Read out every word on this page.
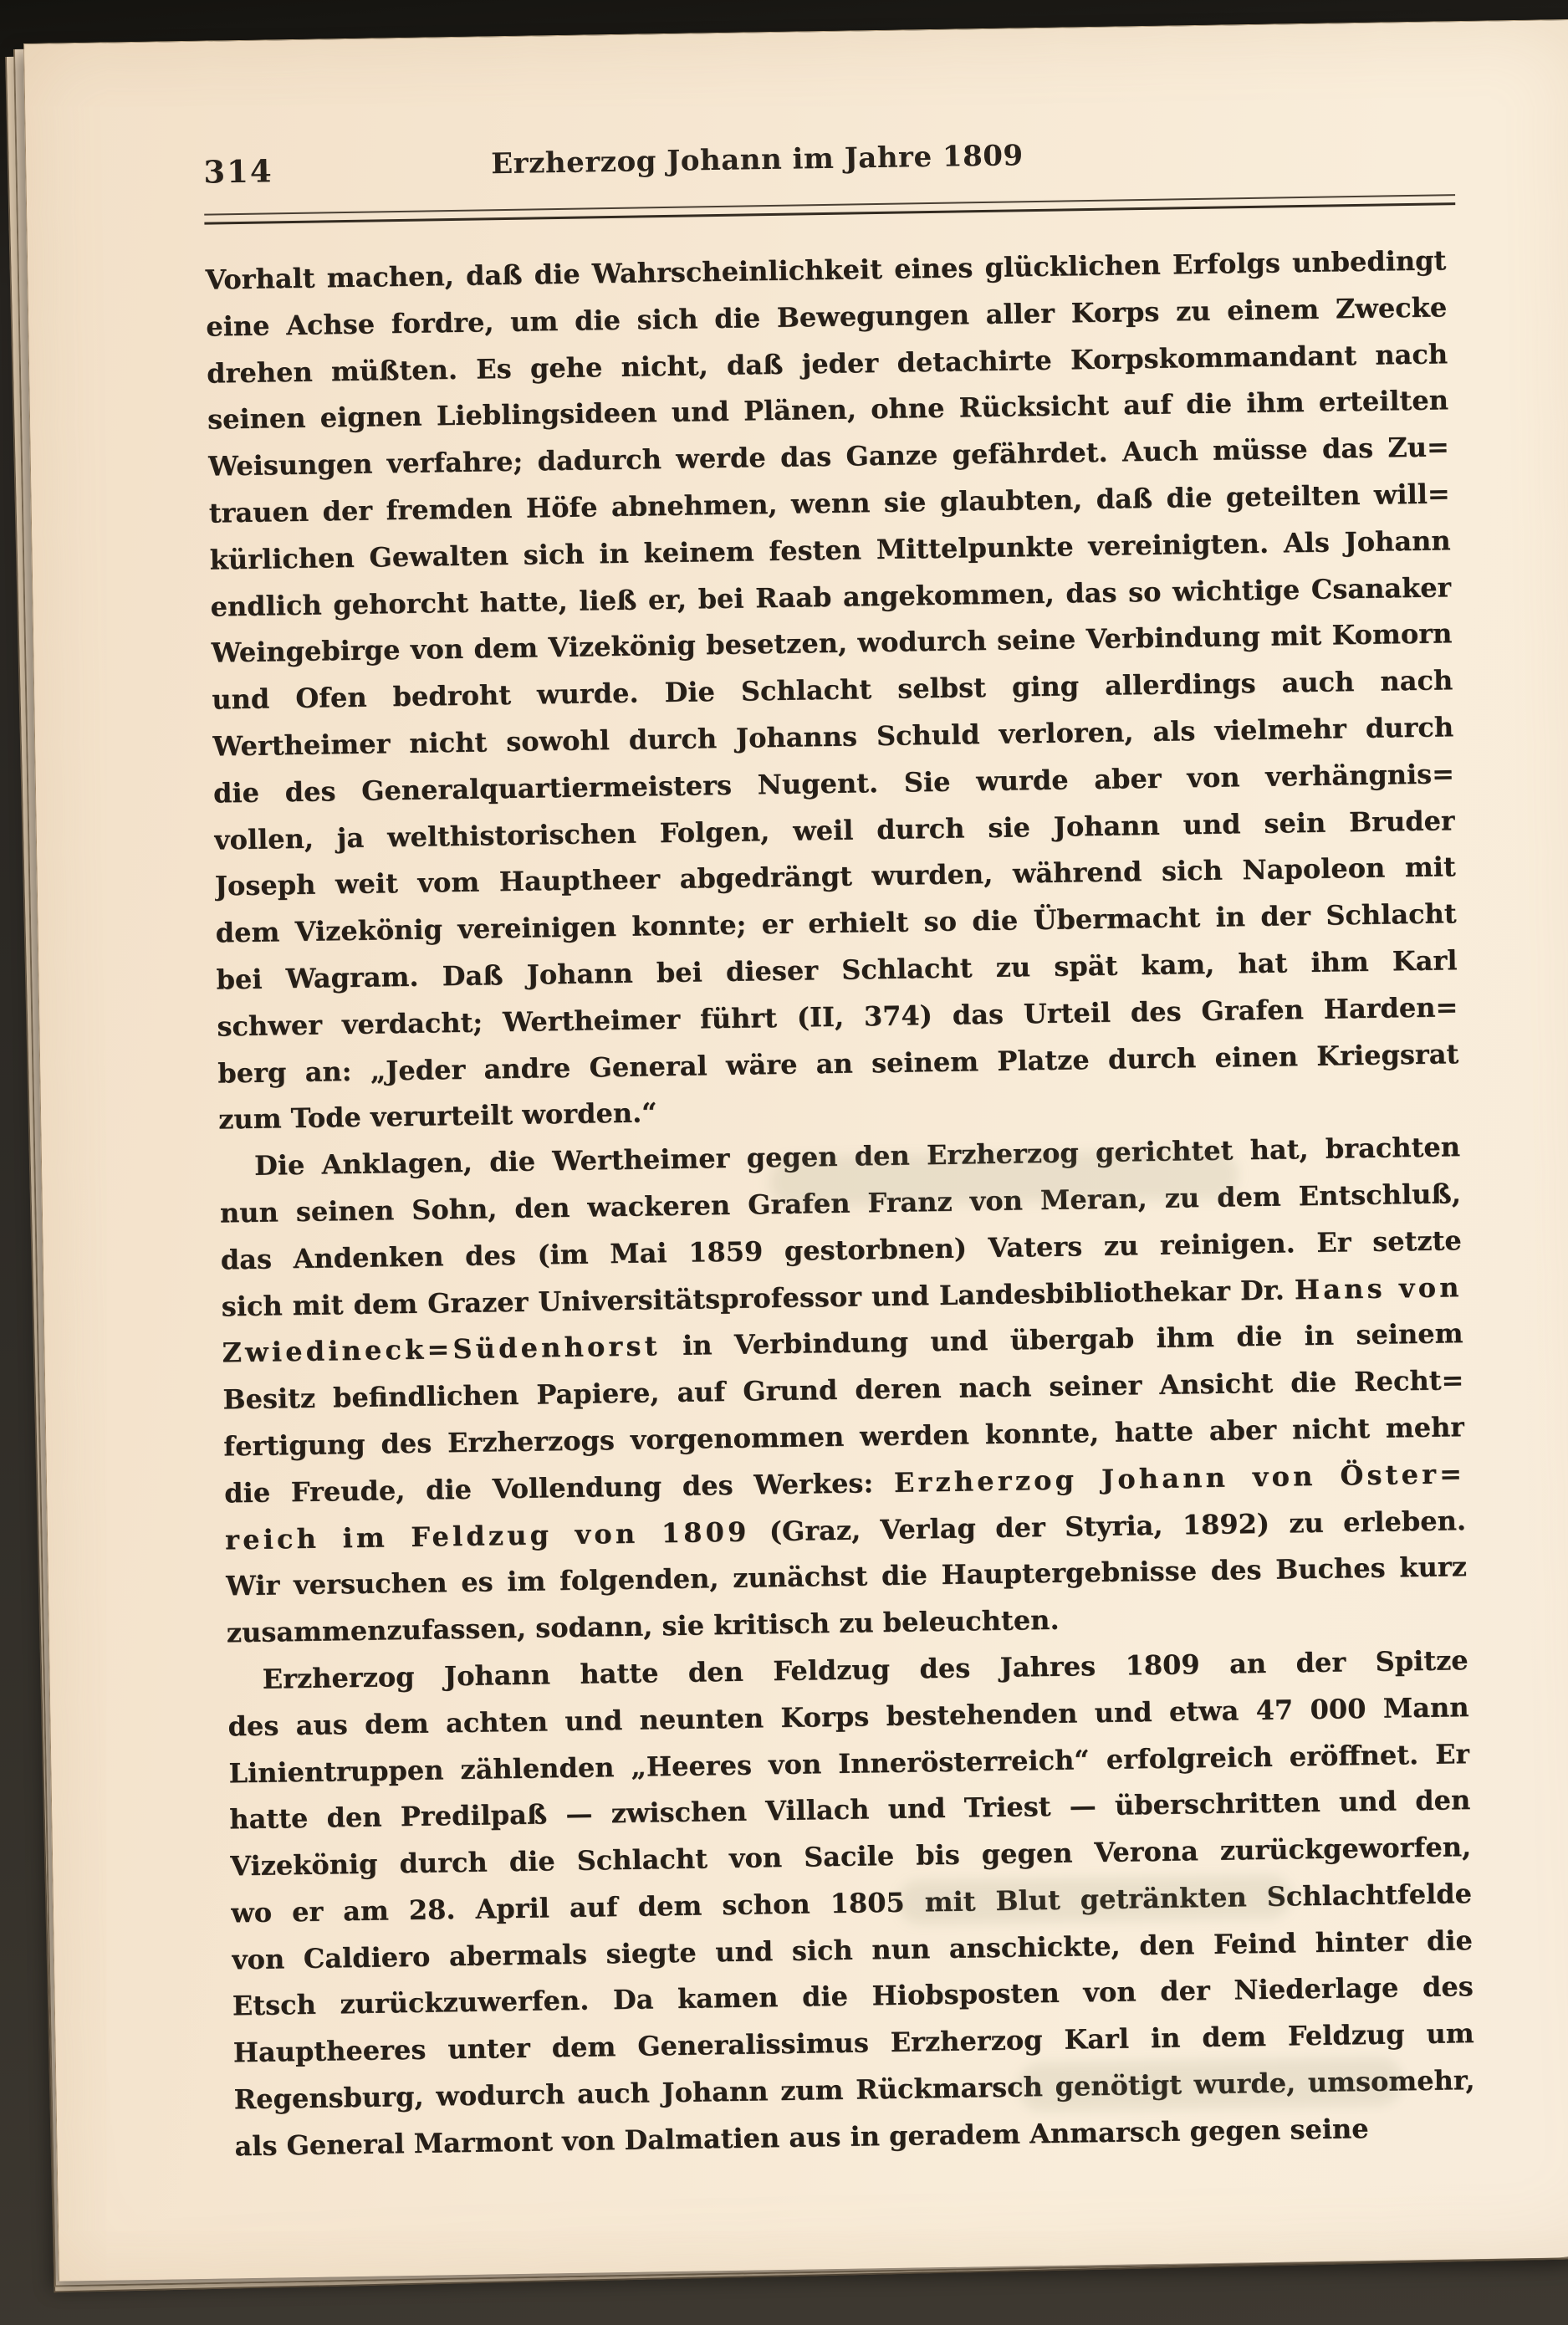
314	Erzherzog Johann im Jahre 1809
Vorhalt machen, daß die Wahrscheinlichkeit eines glücklichen Erfolgs unbedingt
eine Achse fordre, um die sich die Bewegungen aller Korps zu einem Zwecke
drehen müßten. Es gehe nicht, daß jeder detachirte Korpskommandant nach
seinen eignen Lieblingsideen und Plänen, ohne Rücksicht auf die ihm erteilten
Weisungen verfahre; dadurch werde das Ganze gefährdet. Auch müsse das Zu=
trauen der fremden Höfe abnehmen, wenn sie glaubten, daß die geteilten will=
kürlichen Gewalten sich in keinem festen Mittelpunkte vereinigten. Als Johann
endlich gehorcht hatte, ließ er, bei Raab angekommen, das so wichtige Csanaker
Weingebirge von dem Vizekönig besetzen, wodurch seine Verbindung mit Komorn
und Ofen bedroht wurde. Die Schlacht selbst ging allerdings auch nach
Wertheimer nicht sowohl durch Johanns Schuld verloren, als vielmehr durch
die des Generalquartiermeisters Nugent. Sie wurde aber von verhängnis=
vollen, ja welthistorischen Folgen, weil durch sie Johann und sein Bruder
Joseph weit vom Hauptheer abgedrängt wurden, während sich Napoleon mit
dem Vizekönig vereinigen konnte; er erhielt so die Übermacht in der Schlacht
bei Wagram. Daß Johann bei dieser Schlacht zu spät kam, hat ihm Karl
schwer verdacht; Wertheimer führt (II, 374) das Urteil des Grafen Harden=
berg an: „Jeder andre General wäre an seinem Platze durch einen Kriegsrat
zum Tode verurteilt worden.“
Die Anklagen, die Wertheimer gegen den Erzherzog gerichtet hat, brachten
nun seinen Sohn, den wackeren Grafen Franz von Meran, zu dem Entschluß,
das Andenken des (im Mai 1859 gestorbnen) Vaters zu reinigen. Er setzte
sich mit dem Grazer Universitätsprofessor und Landesbibliothekar Dr. Hans von
Zwiedineck=Südenhorst in Verbindung und übergab ihm die in seinem
Besitz befindlichen Papiere, auf Grund deren nach seiner Ansicht die Recht=
fertigung des Erzherzogs vorgenommen werden konnte, hatte aber nicht mehr
die Freude, die Vollendung des Werkes: Erzherzog Johann von Öster=
reich im Feldzug von 1809 (Graz, Verlag der Styria, 1892) zu erleben.
Wir versuchen es im folgenden, zunächst die Hauptergebnisse des Buches kurz
zusammenzufassen, sodann, sie kritisch zu beleuchten.
Erzherzog Johann hatte den Feldzug des Jahres 1809 an der Spitze
des aus dem achten und neunten Korps bestehenden und etwa 47 000 Mann
Linientruppen zählenden „Heeres von Innerösterreich“ erfolgreich eröffnet. Er
hatte den Predilpaß — zwischen Villach und Triest — überschritten und den
Vizekönig durch die Schlacht von Sacile bis gegen Verona zurückgeworfen,
wo er am 28. April auf dem schon 1805 mit Blut getränkten Schlachtfelde
von Caldiero abermals siegte und sich nun anschickte, den Feind hinter die
Etsch zurückzuwerfen. Da kamen die Hiobsposten von der Niederlage des
Hauptheeres unter dem Generalissimus Erzherzog Karl in dem Feldzug um
Regensburg, wodurch auch Johann zum Rückmarsch genötigt wurde, umsomehr,
als General Marmont von Dalmatien aus in geradem Anmarsch gegen seine
